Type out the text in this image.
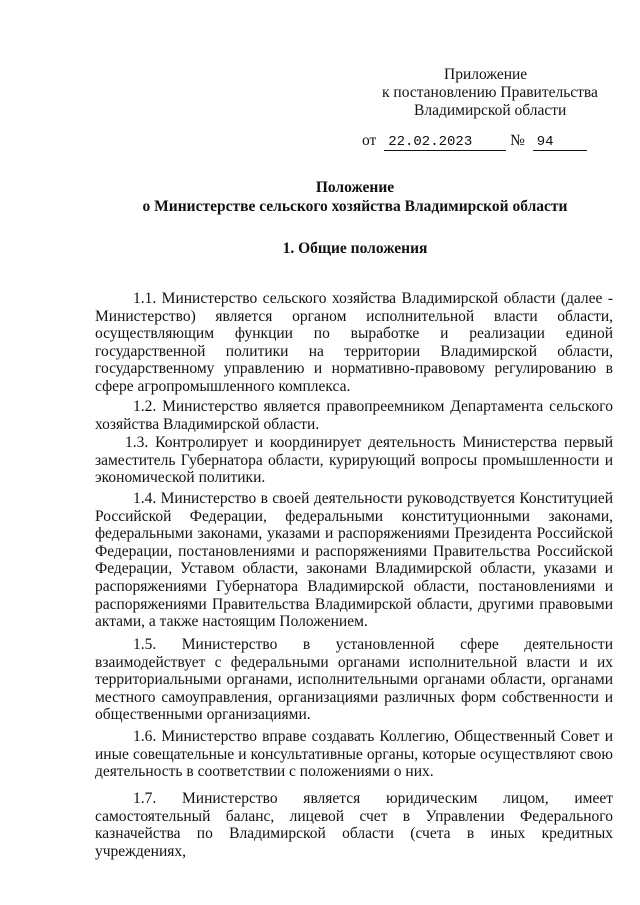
Приложение
к постановлению Правительства
Владимирской области
от 22.02.2023 № 94
Положение
о Министерстве сельского хозяйства Владимирской области
1. Общие положения

1.1. Министерство сельского хозяйства Владимирской области (далее - Министерство) является органом исполнительной власти области, осуществляющим функции по выработке и реализации единой государственной политики на территории Владимирской области, государственному управлению и нормативно-правовому регулированию в сфере агропромышленного комплекса.

1.2. Министерство является правопреемником Департамента сельского хозяйства Владимирской области.

1.3. Контролирует и координирует деятельность Министерства первый заместитель Губернатора области, курирующий вопросы промышленности и экономической политики.

1.4. Министерство в своей деятельности руководствуется Конституцией Российской Федерации, федеральными конституционными законами, федеральными законами, указами и распоряжениями Президента Российской Федерации, постановлениями и распоряжениями Правительства Российской Федерации, Уставом области, законами Владимирской области, указами и распоряжениями Губернатора Владимирской области, постановлениями и распоряжениями Правительства Владимирской области, другими правовыми актами, а также настоящим Положением.

1.5. Министерство в установленной сфере деятельности взаимодействует с федеральными органами исполнительной власти и их территориальными органами, исполнительными органами области, органами местного самоуправления, организациями различных форм собственности и общественными организациями.

1.6. Министерство вправе создавать Коллегию, Общественный Совет и иные совещательные и консультативные органы, которые осуществляют свою деятельность в соответствии с положениями о них.

1.7. Министерство является юридическим лицом, имеет самостоятельный баланс, лицевой счет в Управлении Федерального казначейства по Владимирской области (счета в иных кредитных учреждениях,
